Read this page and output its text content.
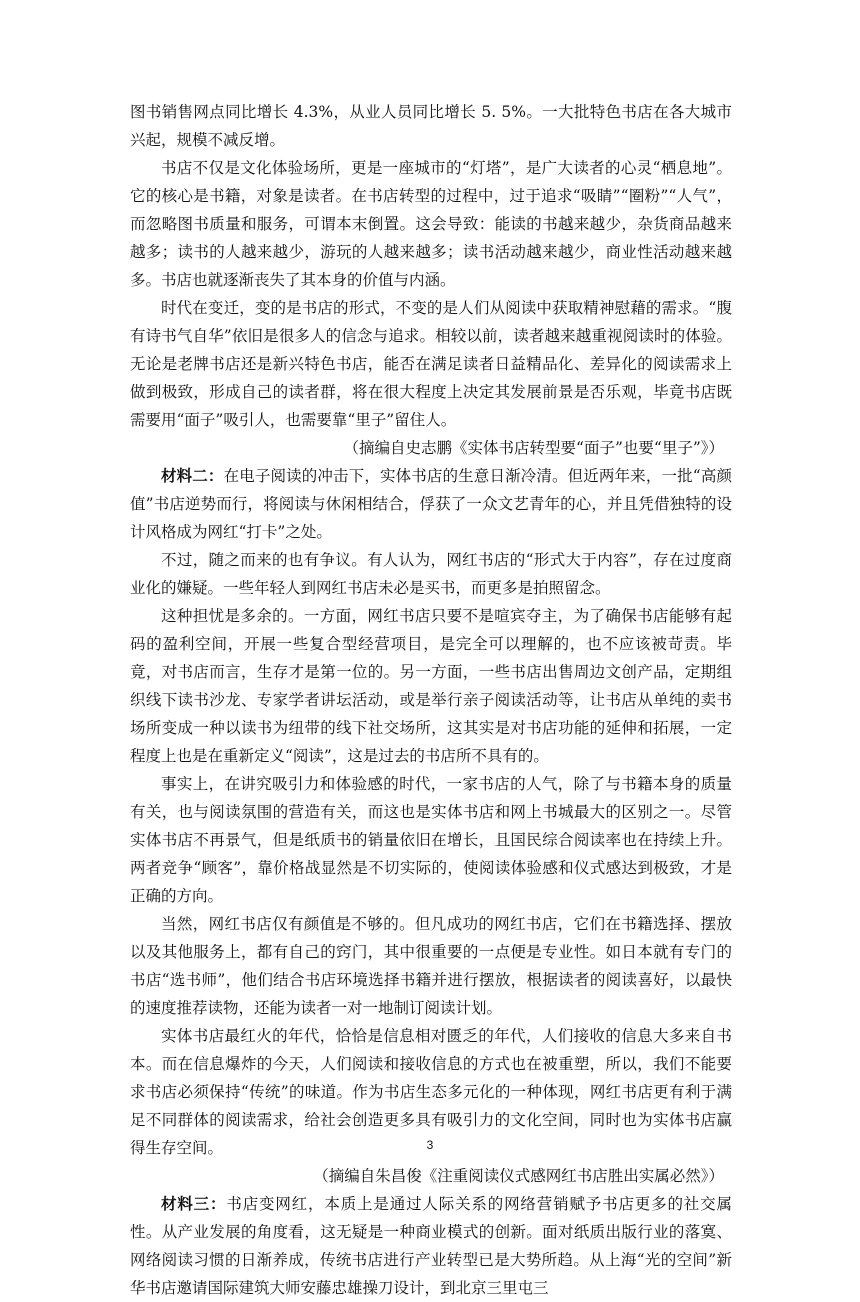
图书销售网点同比增长 4.3%，从业人员同比增长 5. 5%。一大批特色书店在各大城市兴起，规模不减反增。

书店不仅是文化体验场所，更是一座城市的“灯塔”，是广大读者的心灵“栖息地”。它的核心是书籍，对象是读者。在书店转型的过程中，过于追求“吸睛”“圈粉”“人气”，而忽略图书质量和服务，可谓本末倒置。这会导致：能读的书越来越少，杂货商品越来越多；读书的人越来越少，游玩的人越来越多；读书活动越来越少，商业性活动越来越多。书店也就逐渐丧失了其本身的价值与内涵。

时代在变迁，变的是书店的形式，不变的是人们从阅读中获取精神慰藉的需求。“腹有诗书气自华”依旧是很多人的信念与追求。相较以前，读者越来越重视阅读时的体验。无论是老牌书店还是新兴特色书店，能否在满足读者日益精品化、差异化的阅读需求上做到极致，形成自己的读者群，将在很大程度上决定其发展前景是否乐观，毕竟书店既需要用“面子”吸引人，也需要靠“里子”留住人。

（摘编自史志鹏《实体书店转型要“面子”也要“里子”》）

材料二：在电子阅读的冲击下，实体书店的生意日渐冷清。但近两年来，一批“高颜值”书店逆势而行，将阅读与休闲相结合，俘获了一众文艺青年的心，并且凭借独特的设计风格成为网红“打卡”之处。

不过，随之而来的也有争议。有人认为，网红书店的“形式大于内容”，存在过度商业化的嫌疑。一些年轻人到网红书店未必是买书，而更多是拍照留念。

这种担忧是多余的。一方面，网红书店只要不是喧宾夺主，为了确保书店能够有起码的盈利空间，开展一些复合型经营项目，是完全可以理解的，也不应该被苛责。毕竟，对书店而言，生存才是第一位的。另一方面，一些书店出售周边文创产品，定期组织线下读书沙龙、专家学者讲坛活动，或是举行亲子阅读活动等，让书店从单纯的卖书场所变成一种以读书为纽带的线下社交场所，这其实是对书店功能的延伸和拓展，一定程度上也是在重新定义“阅读”，这是过去的书店所不具有的。

事实上，在讲究吸引力和体验感的时代，一家书店的人气，除了与书籍本身的质量有关，也与阅读氛围的营造有关，而这也是实体书店和网上书城最大的区别之一。尽管实体书店不再景气，但是纸质书的销量依旧在增长，且国民综合阅读率也在持续上升。两者竞争“顾客”，靠价格战显然是不切实际的，使阅读体验感和仪式感达到极致，才是正确的方向。

当然，网红书店仅有颜值是不够的。但凡成功的网红书店，它们在书籍选择、摆放以及其他服务上，都有自己的窍门，其中很重要的一点便是专业性。如日本就有专门的书店“选书师”，他们结合书店环境选择书籍并进行摆放，根据读者的阅读喜好，以最快的速度推荐读物，还能为读者一对一地制订阅读计划。

实体书店最红火的年代，恰恰是信息相对匮乏的年代，人们接收的信息大多来自书本。而在信息爆炸的今天，人们阅读和接收信息的方式也在被重塑，所以，我们不能要求书店必须保持“传统”的味道。作为书店生态多元化的一种体现，网红书店更有利于满足不同群体的阅读需求，给社会创造更多具有吸引力的文化空间，同时也为实体书店赢得生存空间。

（摘编自朱昌俊《注重阅读仪式感网红书店胜出实属必然》）

材料三：书店变网红，本质上是通过人际关系的网络营销赋予书店更多的社交属性。从产业发展的角度看，这无疑是一种商业模式的创新。面对纸质出版行业的落寞、网络阅读习惯的日渐养成，传统书店进行产业转型已是大势所趋。从上海“光的空间”新华书店邀请国际建筑大师安藤忠雄操刀设计，到北京三里屯三

3
